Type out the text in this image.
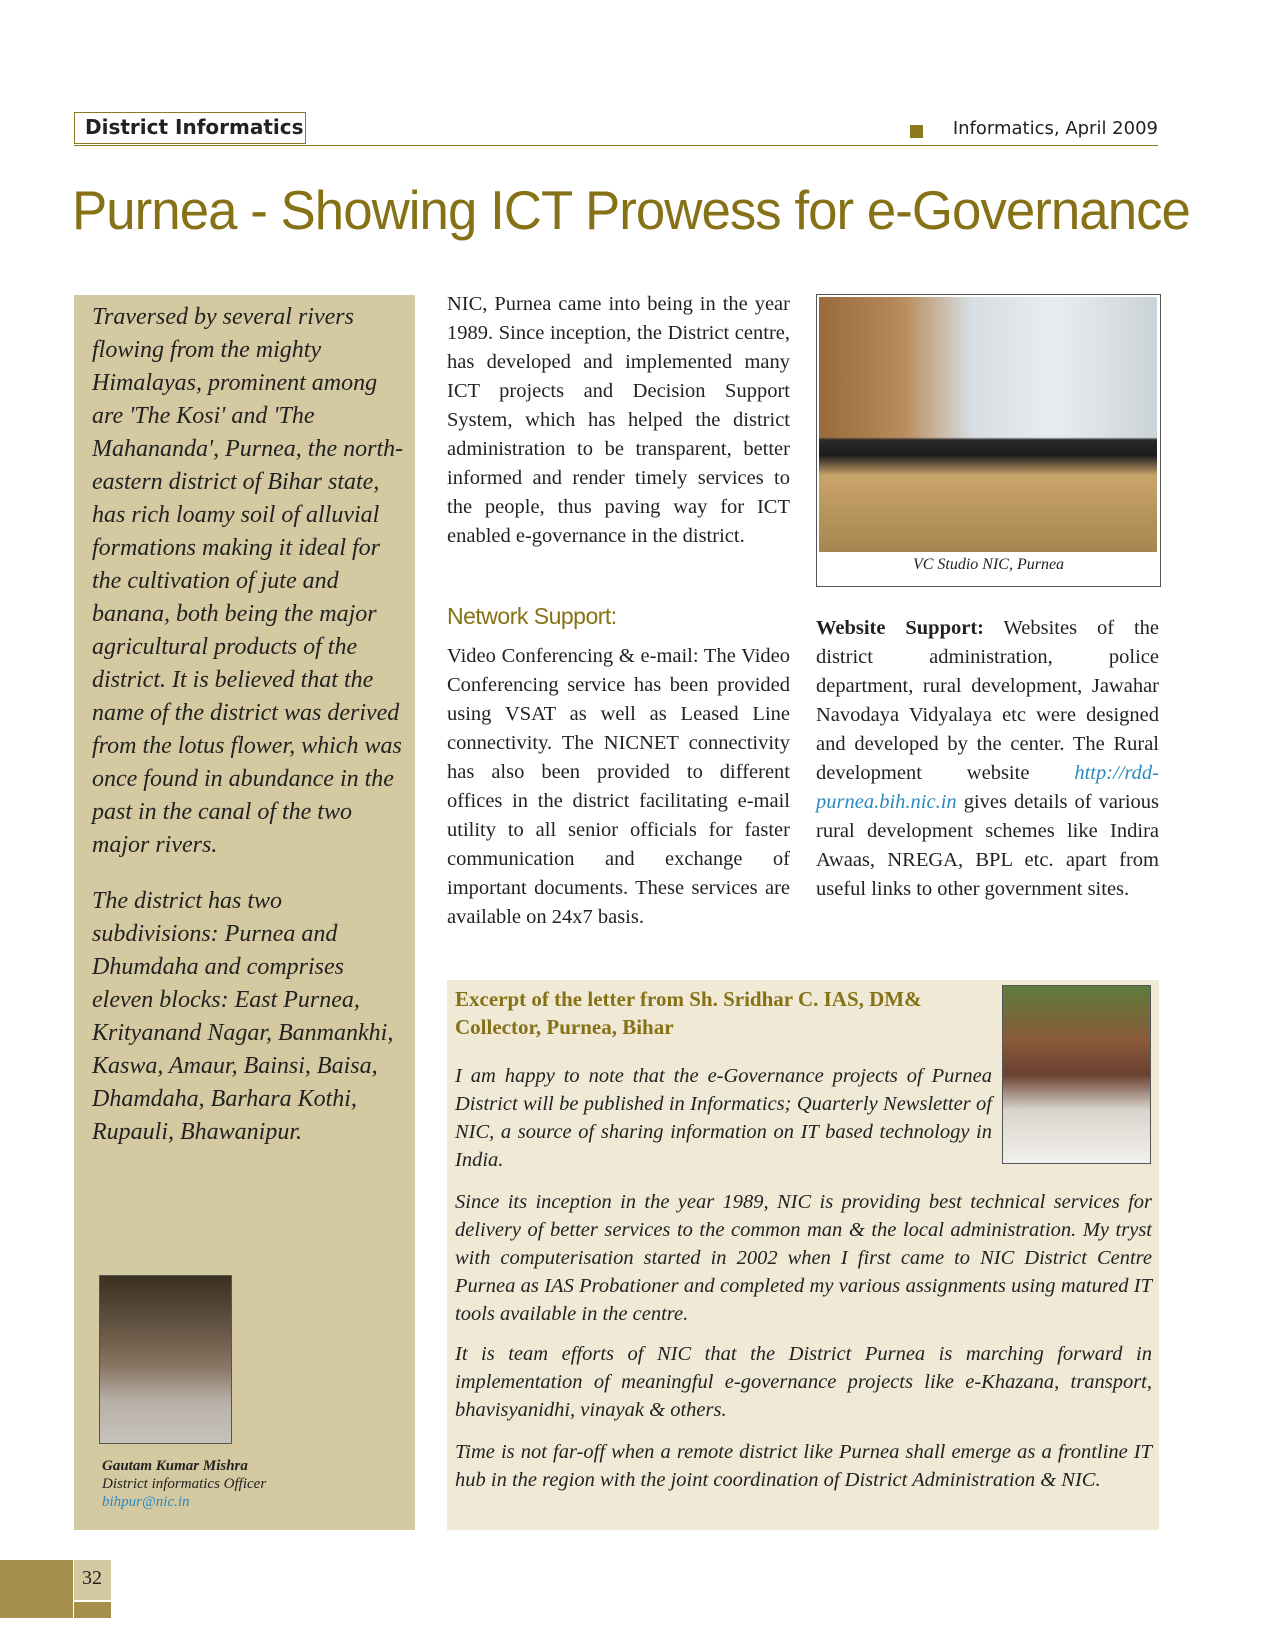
District Informatics	Informatics, April 2009
Purnea - Showing ICT Prowess for e-Governance

Traversed by several rivers flowing from the mighty Himalayas, prominent among are 'The Kosi' and 'The Mahananda', Purnea, the north-eastern district of Bihar state, has rich loamy soil of alluvial formations making it ideal for the cultivation of jute and banana, both being the major agricultural products of the district. It is believed that the name of the district was derived from the lotus flower, which was once found in abundance in the past in the canal of the two major rivers.

The district has two subdivisions: Purnea and Dhumdaha and comprises eleven blocks: East Purnea, Krityanand Nagar, Banmankhi, Kaswa, Amaur, Bainsi, Baisa, Dhamdaha, Barhara Kothi, Rupauli, Bhawanipur.

Gautam Kumar Mishra
District informatics Officer
bihpur@nic.in

NIC, Purnea came into being in the year 1989. Since inception, the District centre, has developed and implemented many ICT projects and Decision Support System, which has helped the district administration to be transparent, better informed and render timely services to the people, thus paving way for ICT enabled e-governance in the district.

Network Support:

Video Conferencing & e-mail: The Video Conferencing service has been provided using VSAT as well as Leased Line connectivity. The NICNET connectivity has also been provided to different offices in the district facilitating e-mail utility to all senior officials for faster communication and exchange of important documents. These services are available on 24x7 basis.

VC Studio NIC, Purnea

Website Support: Websites of the district administration, police department, rural development, Jawahar Navodaya Vidyalaya etc were designed and developed by the center. The Rural development website http://rdd-purnea.bih.nic.in gives details of various rural development schemes like Indira Awaas, NREGA, BPL etc. apart from useful links to other government sites.

Excerpt of the letter from Sh. Sridhar C. IAS, DM& Collector, Purnea, Bihar

I am happy to note that the e-Governance projects of Purnea District will be published in Informatics; Quarterly Newsletter of NIC, a source of sharing information on IT based technology in India.

Since its inception in the year 1989, NIC is providing best technical services for delivery of better services to the common man & the local administration. My tryst with computerisation started in 2002 when I first came to NIC District Centre Purnea as IAS Probationer and completed my various assignments using matured IT tools available in the centre.

It is team efforts of NIC that the District Purnea is marching forward in implementation of meaningful e-governance projects like e-Khazana, transport, bhavisyanidhi, vinayak & others.

Time is not far-off when a remote district like Purnea shall emerge as a frontline IT hub in the region with the joint coordination of District Administration & NIC.

32
